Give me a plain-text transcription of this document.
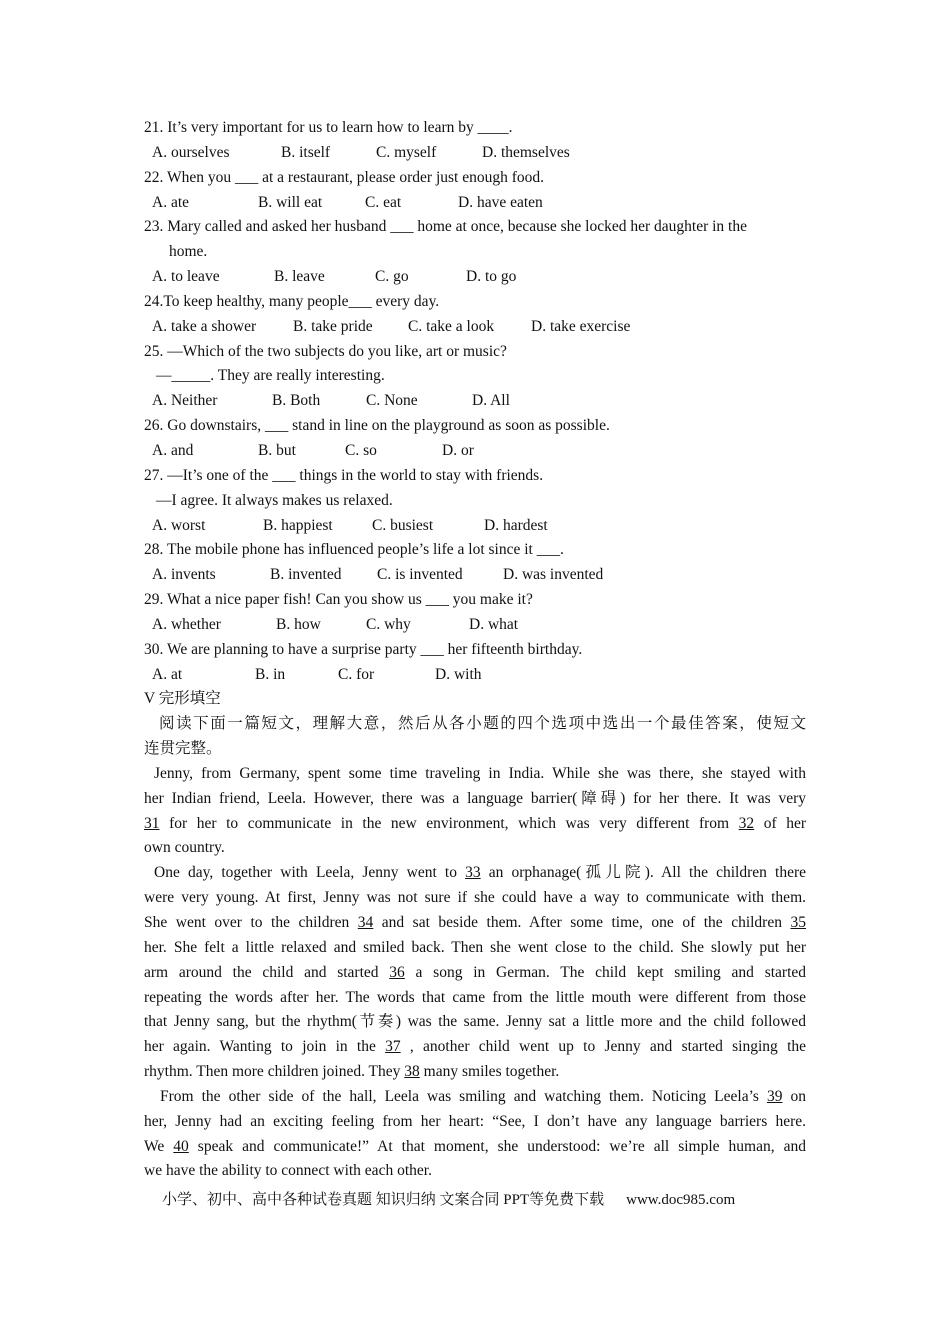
21. It’s very important for us to learn how to learn by ____.
A. ourselves	B. itself	C. myself	D. themselves
22. When you ___ at a restaurant, please order just enough food.
A. ate	B. will eat	C. eat	D. have eaten
23. Mary called and asked her husband ___ home at once, because she locked her daughter in the
home.
A. to leave	B. leave	C. go	D. to go
24.To keep healthy, many people___ every day.
A. take a shower B. take pride C. take a look D. take exercise
25. —Which of the two subjects do you like, art or music?
—_____. They are really interesting.
A. Neither	B. Both	C. None	D. All
26. Go downstairs, ___ stand in line on the playground as soon as possible.
A. and	B. but	C. so	D. or
27. —It’s one of the ___ things in the world to stay with friends.
—I agree. It always makes us relaxed.
A. worst	B. happiest	C. busiest	D. hardest
28. The mobile phone has influenced people’s life a lot since it ___.
A. invents	B. invented C. is invented	D. was invented
29. What a nice paper fish! Can you show us ___ you make it?
A. whether	B. how	C. why	D. what
30. We are planning to have a surprise party ___ her fifteenth birthday.
A. at	B. in	C. for	D. with
V 完形填空
阅读下面一篇短文，理解大意，然后从各小题的四个选项中选出一个最佳答案，使短文
连贯完整。
Jenny, from Germany, spent some time traveling in India. While she was there, she stayed with
her Indian friend, Leela. However, there was a language barrier(障碍) for her there. It was very
31 for her to communicate in the new environment, which was very different from 32 of her
own country.
One day, together with Leela, Jenny went to 33 an orphanage(孤儿院). All the children there
were very young. At first, Jenny was not sure if she could have a way to communicate with them.
She went over to the children 34 and sat beside them. After some time, one of the children 35
her. She felt a little relaxed and smiled back. Then she went close to the child. She slowly put her
arm around the child and started 36 a song in German. The child kept smiling and started
repeating the words after her. The words that came from the little mouth were different from those
that Jenny sang, but the rhythm(节奏) was the same. Jenny sat a little more and the child followed
her again. Wanting to join in the 37 , another child went up to Jenny and started singing the
rhythm. Then more children joined. They 38 many smiles together.
From the other side of the hall, Leela was smiling and watching them. Noticing Leela’s 39 on
her, Jenny had an exciting feeling from her heart: “See, I don’t have any language barriers here.
We 40 speak and communicate!” At that moment, she understood: we’re all simple human, and
we have the ability to connect with each other.
小学、初中、高中各种试卷真题 知识归纳 文案合同 PPT等免费下载 www.doc985.com
